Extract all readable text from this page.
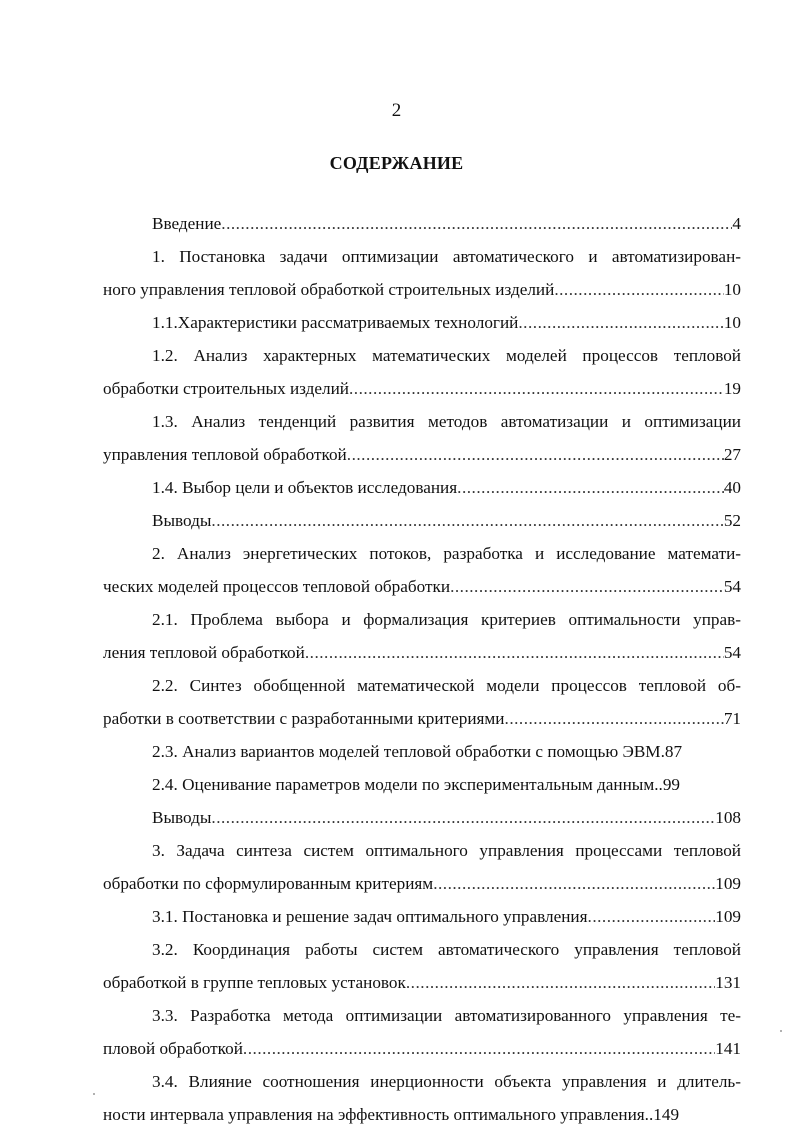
2
СОДЕРЖАНИЕ
Введение .....	4
1. Постановка задачи оптимизации автоматического и автоматизирован-
ного управления тепловой обработкой строительных изделий .....	10
1.1.Характеристики рассматриваемых технологий .....	10
1.2. Анализ характерных математических моделей процессов тепловой
обработки строительных изделий .....	19
1.3. Анализ тенденций развития методов автоматизации и оптимизации
управления тепловой обработкой .....	27
1.4. Выбор цели и объектов исследования .....	40
Выводы .....	52
2. Анализ энергетических потоков, разработка и исследование математи-
ческих моделей процессов тепловой обработки .....	54
2.1. Проблема выбора и формализация критериев оптимальности управ-
ления тепловой обработкой .....	54
2.2. Синтез обобщенной математической модели процессов тепловой об-
работки в соответствии с разработанными критериями .....	71
2.3. Анализ вариантов моделей тепловой обработки с помощью ЭВМ.87
2.4. Оценивание параметров модели по экспериментальным данным..99
Выводы .....	108
3. Задача синтеза систем оптимального управления процессами тепловой
обработки по сформулированным критериям .....	109
3.1. Постановка и решение задач оптимального управления .....	109
3.2. Координация работы систем автоматического управления тепловой
обработкой в группе тепловых установок .....	131
3.3. Разработка метода оптимизации автоматизированного управления те-
пловой обработкой .....	141
3.4. Влияние соотношения инерционности объекта управления и длитель-
ности интервала управления на эффективность оптимального управления..149
